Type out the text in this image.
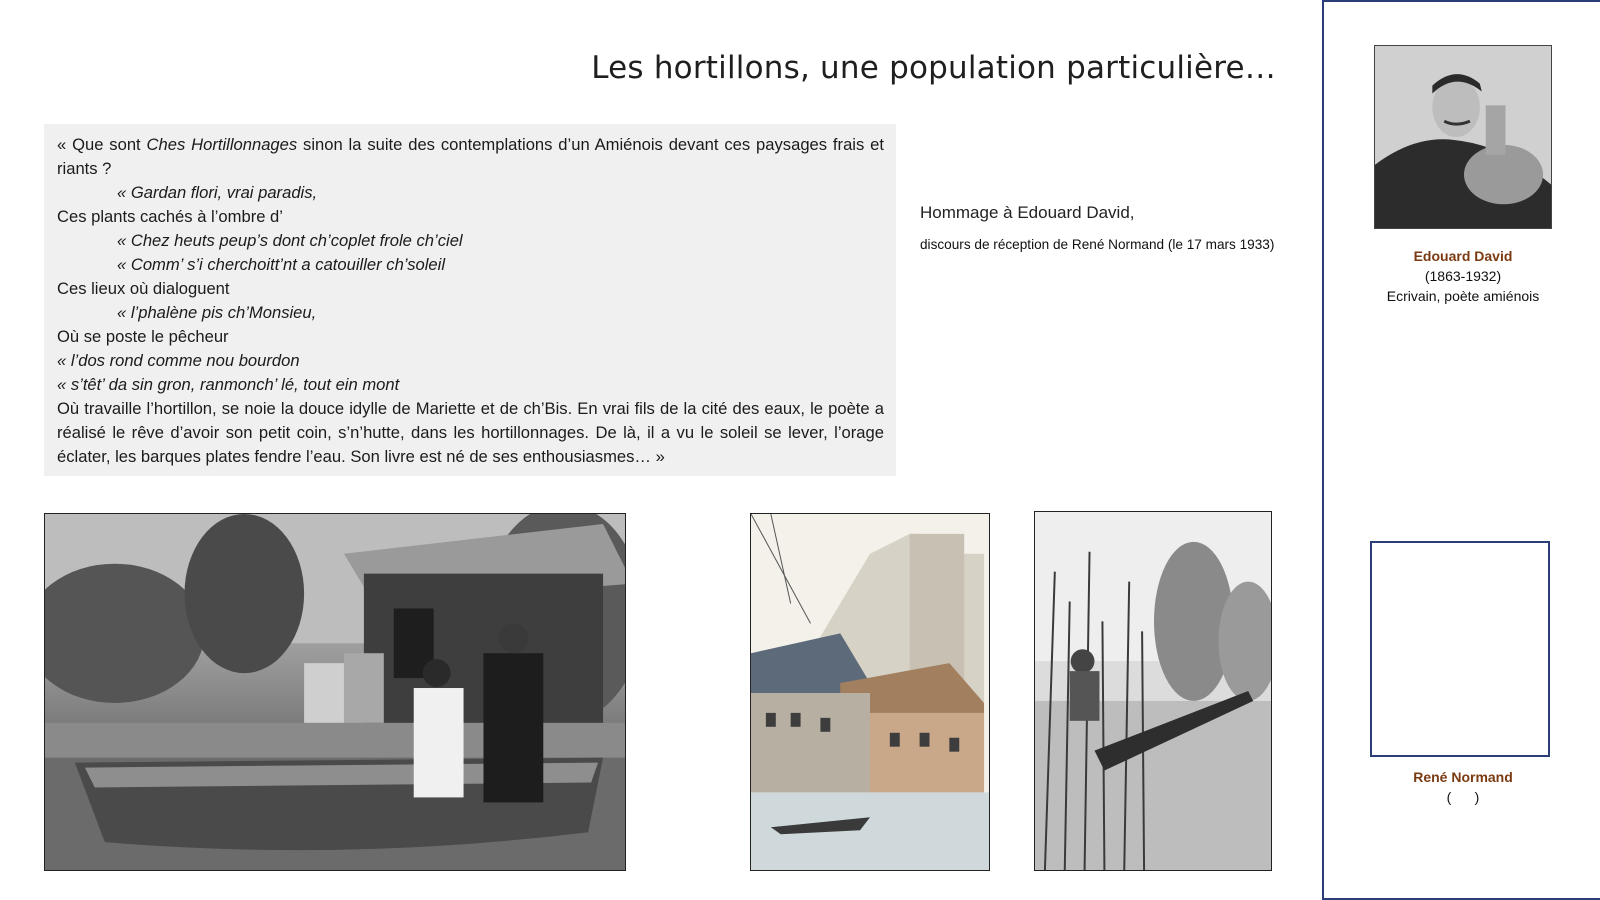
Les hortillons, une population particulière…
« Que sont Ches Hortillonnages sinon la suite des contemplations d’un Amiénois devant ces paysages frais et riants ?
« Gardan flori, vrai paradis,
Ces plants cachés à l’ombre d’
« Chez heuts peup’s dont ch’coplet frole ch’ciel
« Comm’ s’i cherchoitt’nt a catouiller ch’soleil
Ces lieux où dialoguent
« l’phalène pis ch’Monsieu,
Où se poste le pêcheur
« l’dos rond comme nou bourdon
« s’têt’ da sin gron, ranmonch’ lé, tout ein mont
Où travaille l’hortillon, se noie la douce idylle de Mariette et de ch’Bis. En vrai fils de la cité des eaux, le poète a réalisé le rêve d’avoir son petit coin, s’n’hutte, dans les hortillonnages. De là, il a vu le soleil se lever, l’orage éclater, les barques plates fendre l’eau. Son livre est né de ses enthousiasmes… »
Hommage à Edouard David,
discours de réception de René Normand (le 17 mars 1933)
Edouard David
(1863-1932)
Ecrivain, poète amiénois
René Normand
(      )
